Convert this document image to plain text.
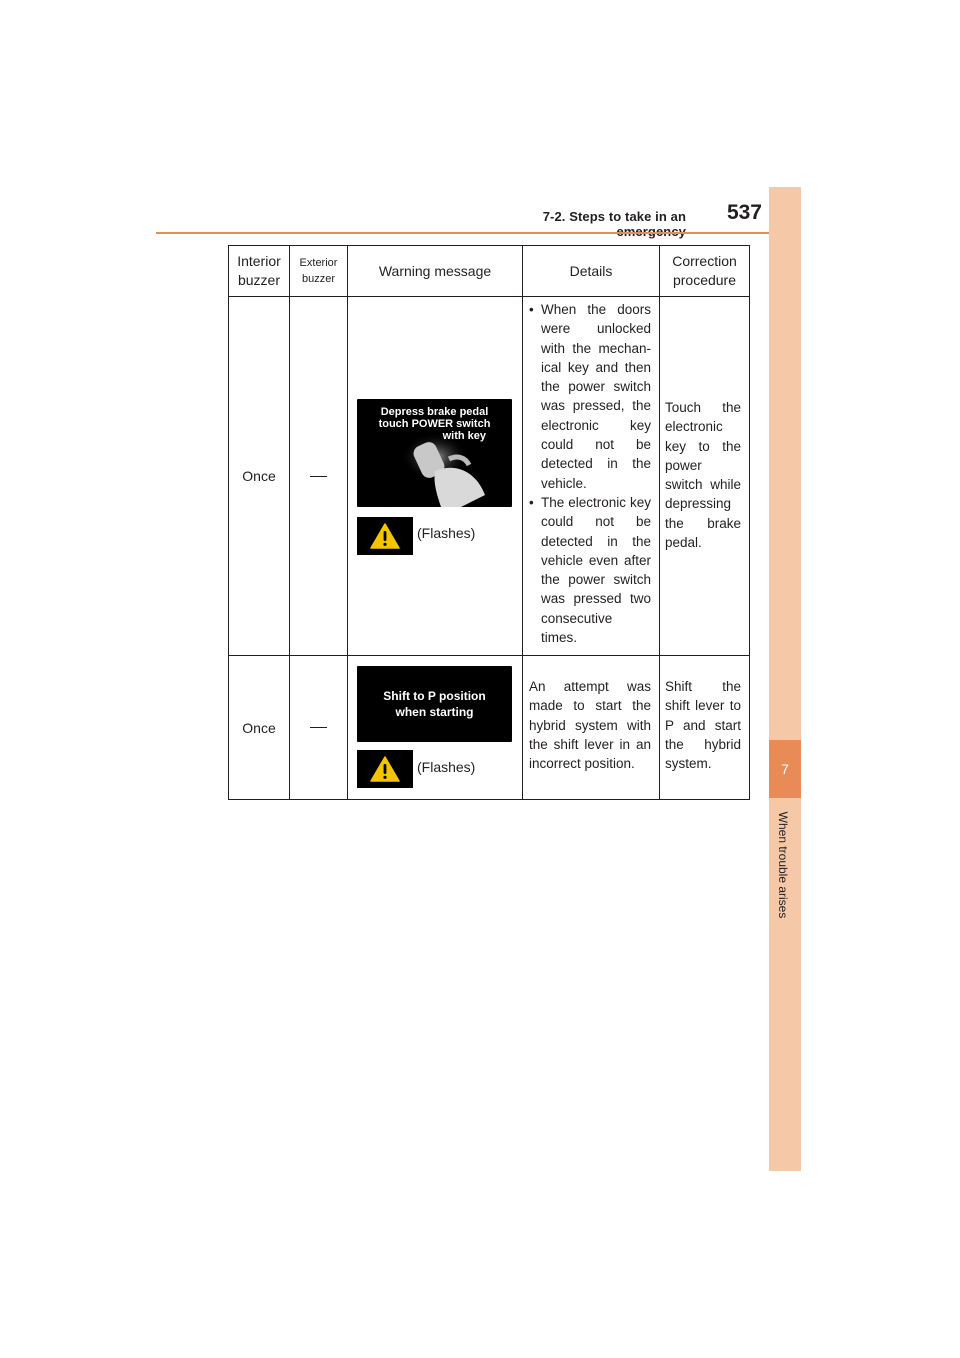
7-2. Steps to take in an	537
7
When trouble arises
Interior buzzer
Exterior buzzer
Warning message	Details
Correction procedure
Once
Depress brake pedal
touch POWER switch
with key
(Flashes)
• When the doors were unlocked with the mechan-ical key and then the power switch was pressed, the electronic key could not be detected in the vehicle.
• The electronic key could not be detected in the vehicle even after the power switch was pressed two consecutive times.
Touch the electronic key to the power switch while depressing the brake pedal.
Once
Shift to P position
when starting
(Flashes)
An attempt was made to start the hybrid system with the shift lever in an incorrect position.
Shift the shift lever to P and start the hybrid system.
